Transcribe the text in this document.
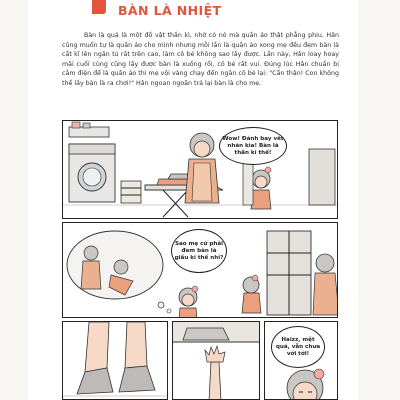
BÀN LÀ NHIỆT

Bàn là quả là một đồ vật thần kì, nhờ có nó mà quần áo thật phẳng phiu. Hân cũng muốn tự là quần áo cho mình nhưng mỗi lần là quần áo xong mẹ đều đem bàn là cất kĩ lên ngăn tủ rất trên cao, làm cô bé không sao lấy được. Lần này, Hân loay hoay mãi cuối cùng cũng lấy được bàn là xuống rồi, cô bé rất vui. Đúng lúc Hân chuẩn bị cắm điện để là quần áo thì mẹ vội vàng chạy đến ngăn cô bé lại: "Cẩn thận! Con không thể lấy bàn là ra chơi!" Hân ngoan ngoãn trả lại bàn là cho mẹ.

Wow! Đánh bay vết nhăn kìa! Bàn là thần kì thế!
Sao mẹ cứ phải đem bàn là giấu kĩ thế nhỉ?
Haizz, mệt quá, vẫn chưa với tới!
